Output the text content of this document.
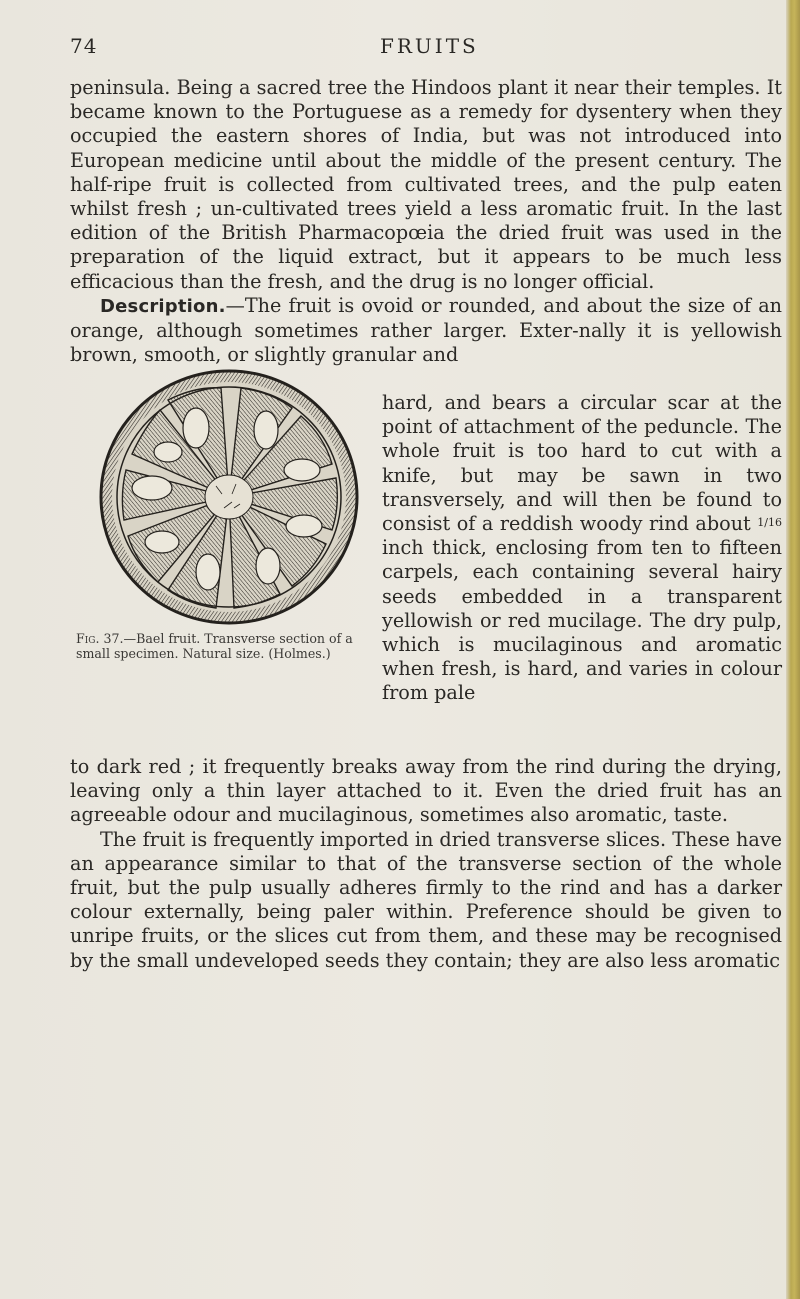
74	FRUITS

peninsula. Being a sacred tree the Hindoos plant it near their temples. It became known to the Portuguese as a remedy for dysentery when they occupied the eastern shores of India, but was not introduced into European medicine until about the middle of the present century. The half-ripe fruit is collected from cultivated trees, and the pulp eaten whilst fresh ; un-cultivated trees yield a less aromatic fruit. In the last edition of the British Pharmacopœia the dried fruit was used in the preparation of the liquid extract, but it appears to be much less efficacious than the fresh, and the drug is no longer official.

Description.—The fruit is ovoid or rounded, and about the size of an orange, although sometimes rather larger. Exter-nally it is yellowish brown, smooth, or slightly granular and

Fig. 37.—Bael fruit. Transverse section of a small specimen. Natural size. (Holmes.)

hard, and bears a circular scar at the point of attachment of the peduncle. The whole fruit is too hard to cut with a knife, but may be sawn in two transversely, and will then be found to consist of a reddish woody rind about 1/16 inch thick, enclosing from ten to fifteen carpels, each containing several hairy seeds embedded in a transparent yellowish or red mucilage. The dry pulp, which is mucilaginous and aromatic when fresh, is hard, and varies in colour from pale

to dark red ; it frequently breaks away from the rind during the drying, leaving only a thin layer attached to it. Even the dried fruit has an agreeable odour and mucilaginous, sometimes also aromatic, taste.

The fruit is frequently imported in dried transverse slices. These have an appearance similar to that of the transverse section of the whole fruit, but the pulp usually adheres firmly to the rind and has a darker colour externally, being paler within. Preference should be given to unripe fruits, or the slices cut from them, and these may be recognised by the small undeveloped seeds they contain; they are also less aromatic
